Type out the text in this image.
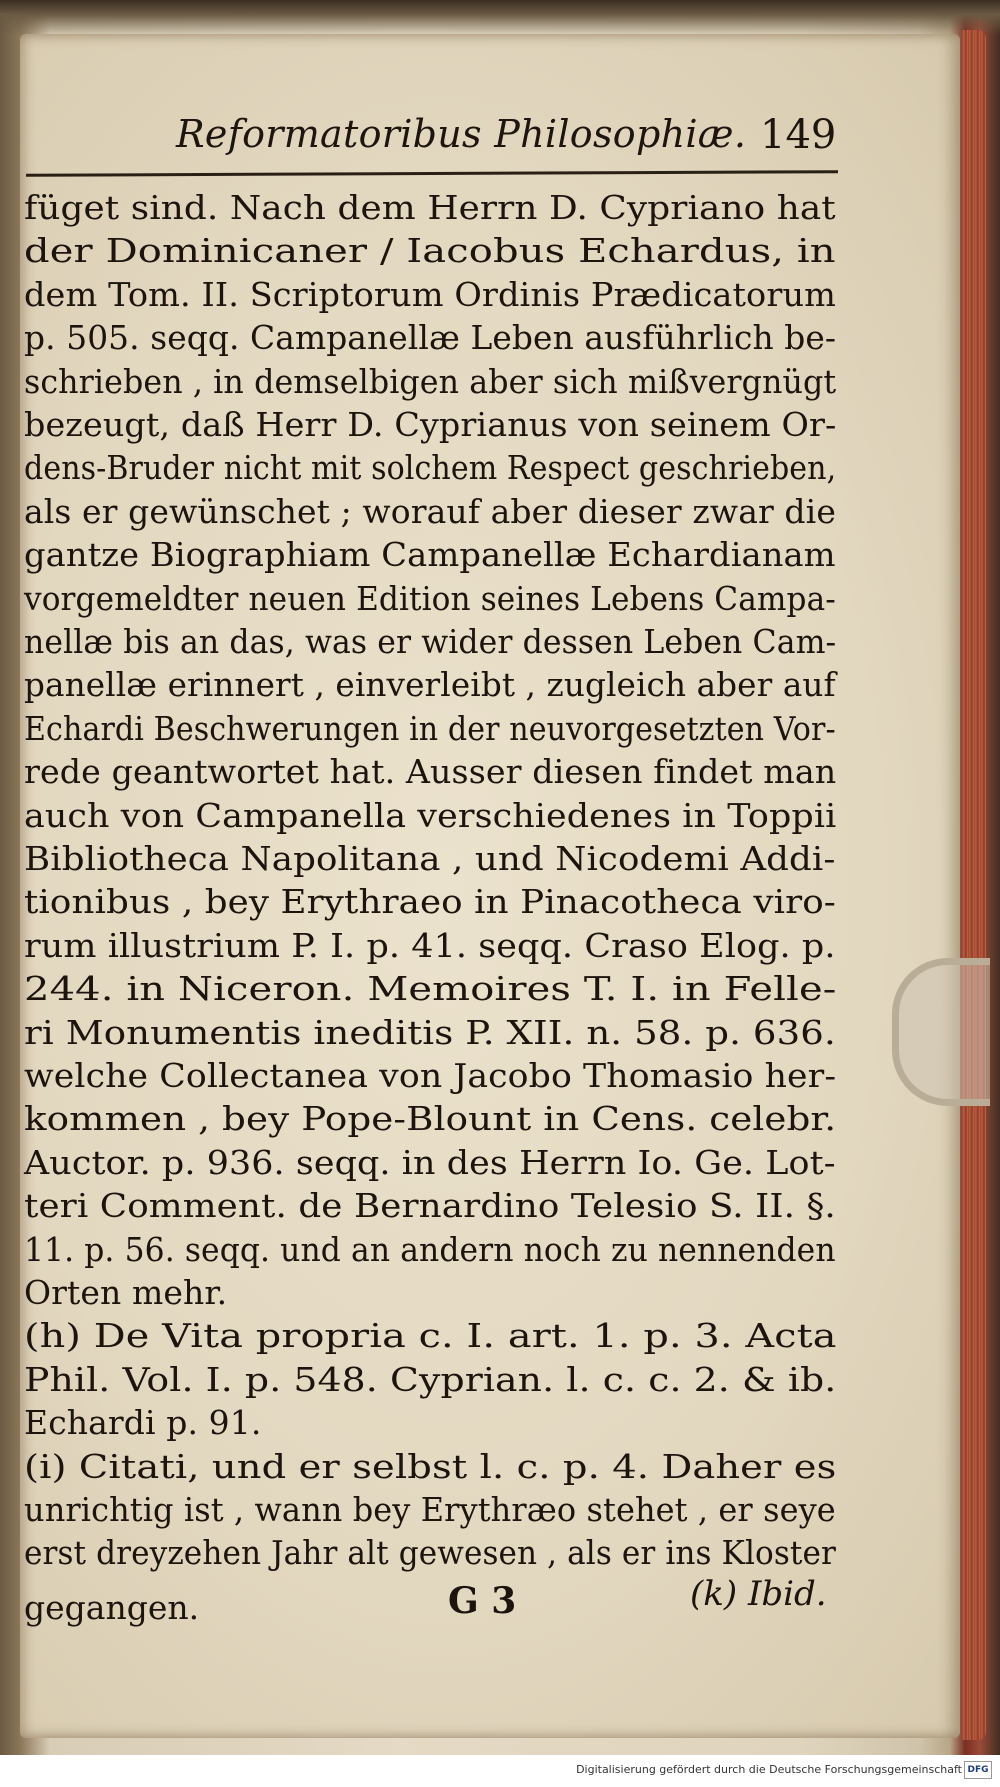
Reformatoribus Philosophiæ. 149
füget sind. Nach dem Herrn D. Cypriano hat
der Dominicaner / Iacobus Echardus, in
dem Tom. II. Scriptorum Ordinis Prædicatorum
p. 505. seqq. Campanellæ Leben ausführlich be-
schrieben , in demselbigen aber sich mißvergnügt
bezeugt, daß Herr D. Cyprianus von seinem Or-
dens-Bruder nicht mit solchem Respect geschrieben,
als er gewünschet ; worauf aber dieser zwar die
gantze Biographiam Campanellæ Echardianam
vorgemeldter neuen Edition seines Lebens Campa-
nellæ bis an das, was er wider dessen Leben Cam-
panellæ erinnert , einverleibt , zugleich aber auf
Echardi Beschwerungen in der neuvorgesetzten Vor-
rede geantwortet hat. Ausser diesen findet man
auch von Campanella verschiedenes in Toppii
Bibliotheca Napolitana , und Nicodemi Addi-
tionibus , bey Erythraeo in Pinacotheca viro-
rum illustrium P. I. p. 41. seqq. Craso Elog. p.
244. in Niceron. Memoires T. I. in Felle-
ri Monumentis ineditis P. XII. n. 58. p. 636.
welche Collectanea von Jacobo Thomasio her-
kommen , bey Pope-Blount in Cens. celebr.
Auctor. p. 936. seqq. in des Herrn Io. Ge. Lot-
teri Comment. de Bernardino Telesio S. II. §.
11. p. 56. seqq. und an andern noch zu nennenden
Orten mehr.
(h) De Vita propria c. I. art. 1. p. 3. Acta
Phil. Vol. I. p. 548. Cyprian. l. c. c. 2. & ib.
Echardi p. 91.
(i) Citati, und er selbst l. c. p. 4. Daher es
unrichtig ist , wann bey Erythræo stehet , er seye
erst dreyzehen Jahr alt gewesen , als er ins Kloster
gegangen.	G 3	(k) Ibid.
Digitalisierung gefördert durch die Deutsche Forschungsgemeinschaft DFG
